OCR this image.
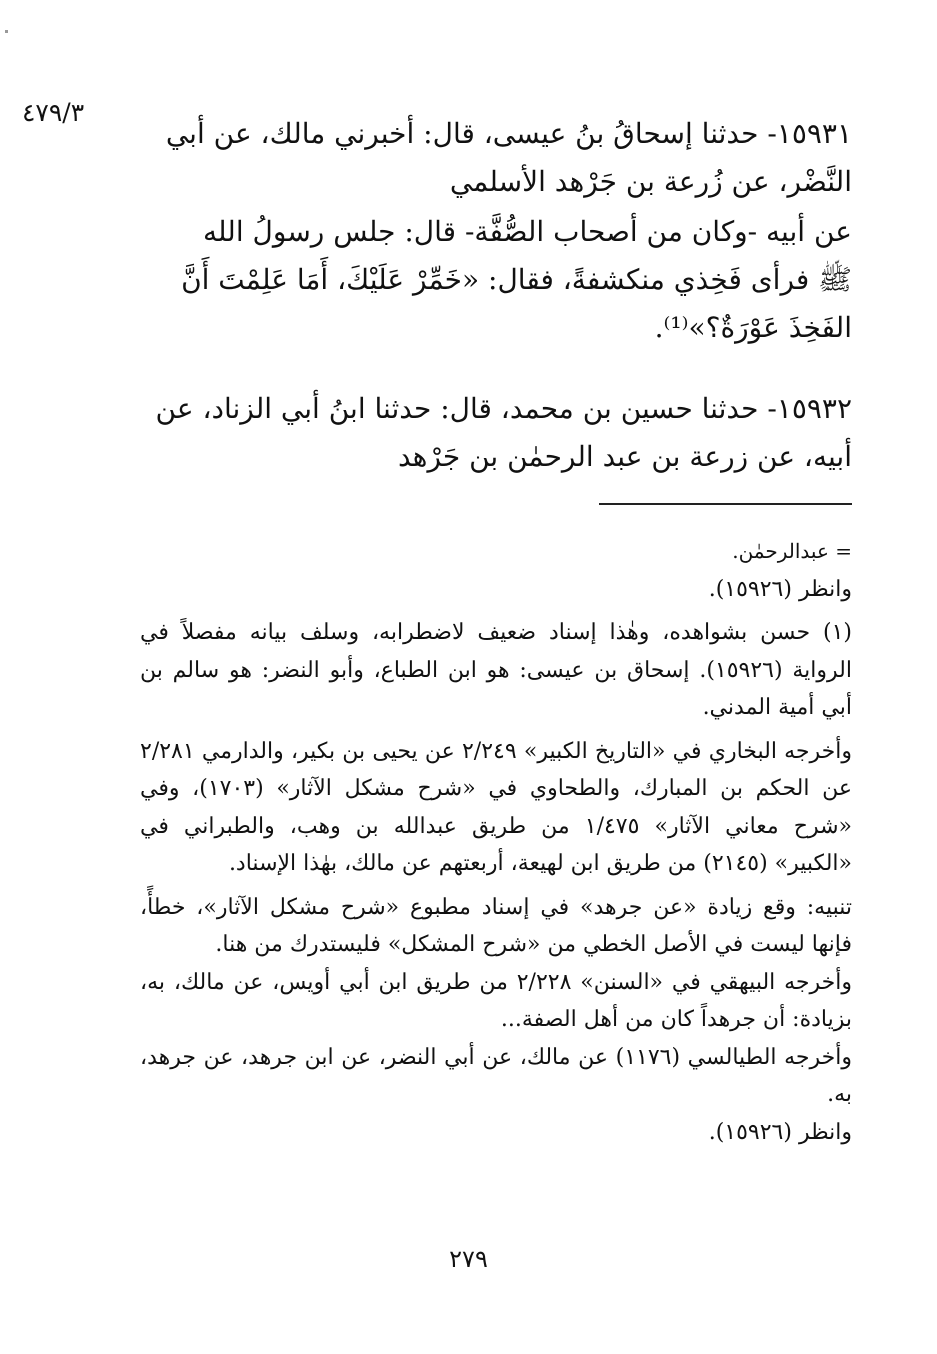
٤٧٩/٣

١٥٩٣١- حدثنا إسحاقُ بنُ عيسى، قال: أخبرني مالك، عن أبي

النَّضْر، عن زُرعة بن جَرْهد الأسلمي

عن أبيه -وكان من أصحاب الصُّفَّة- قال: جلس رسولُ الله

ﷺ فرأى فَخِذي منكشفةً، فقال: «خَمِّرْ عَلَيْكَ، أَمَا عَلِمْتَ أَنَّ

الفَخِذَ عَوْرَةٌ؟»⁽¹⁾.

١٥٩٣٢- حدثنا حسين بن محمد، قال: حدثنا ابنُ أبي الزناد، عن

أبيه، عن زرعة بن عبد الرحمٰن بن جَرْهد

= عبدالرحمٰن.

وانظر (١٥٩٢٦).

(١) حسن بشواهده، وهٰذا إسناد ضعيف لاضطرابه، وسلف بيانه مفصلاً في الرواية (١٥٩٢٦). إسحاق بن عيسى: هو ابن الطباع، وأبو النضر: هو سالم بن أبي أمية المدني.

وأخرجه البخاري في «التاريخ الكبير» ٢/٢٤٩ عن يحيى بن بكير، والدارمي ٢/٢٨١ عن الحكم بن المبارك، والطحاوي في «شرح مشكل الآثار» (١٧٠٣)، وفي «شرح معاني الآثار» ١/٤٧٥ من طريق عبدالله بن وهب، والطبراني في «الكبير» (٢١٤٥) من طريق ابن لهيعة، أربعتهم عن مالك، بهٰذا الإسناد.

تنبيه: وقع زيادة «عن جرهد» في إسناد مطبوع «شرح مشكل الآثار»، خطأً، فإنها ليست في الأصل الخطي من «شرح المشكل» فليستدرك من هنا.

وأخرجه البيهقي في «السنن» ٢/٢٢٨ من طريق ابن أبي أويس، عن مالك، به، بزيادة: أن جرهداً كان من أهل الصفة...

وأخرجه الطيالسي (١١٧٦) عن مالك، عن أبي النضر، عن ابن جرهد، عن جرهد، به.

وانظر (١٥٩٢٦).

٢٧٩
